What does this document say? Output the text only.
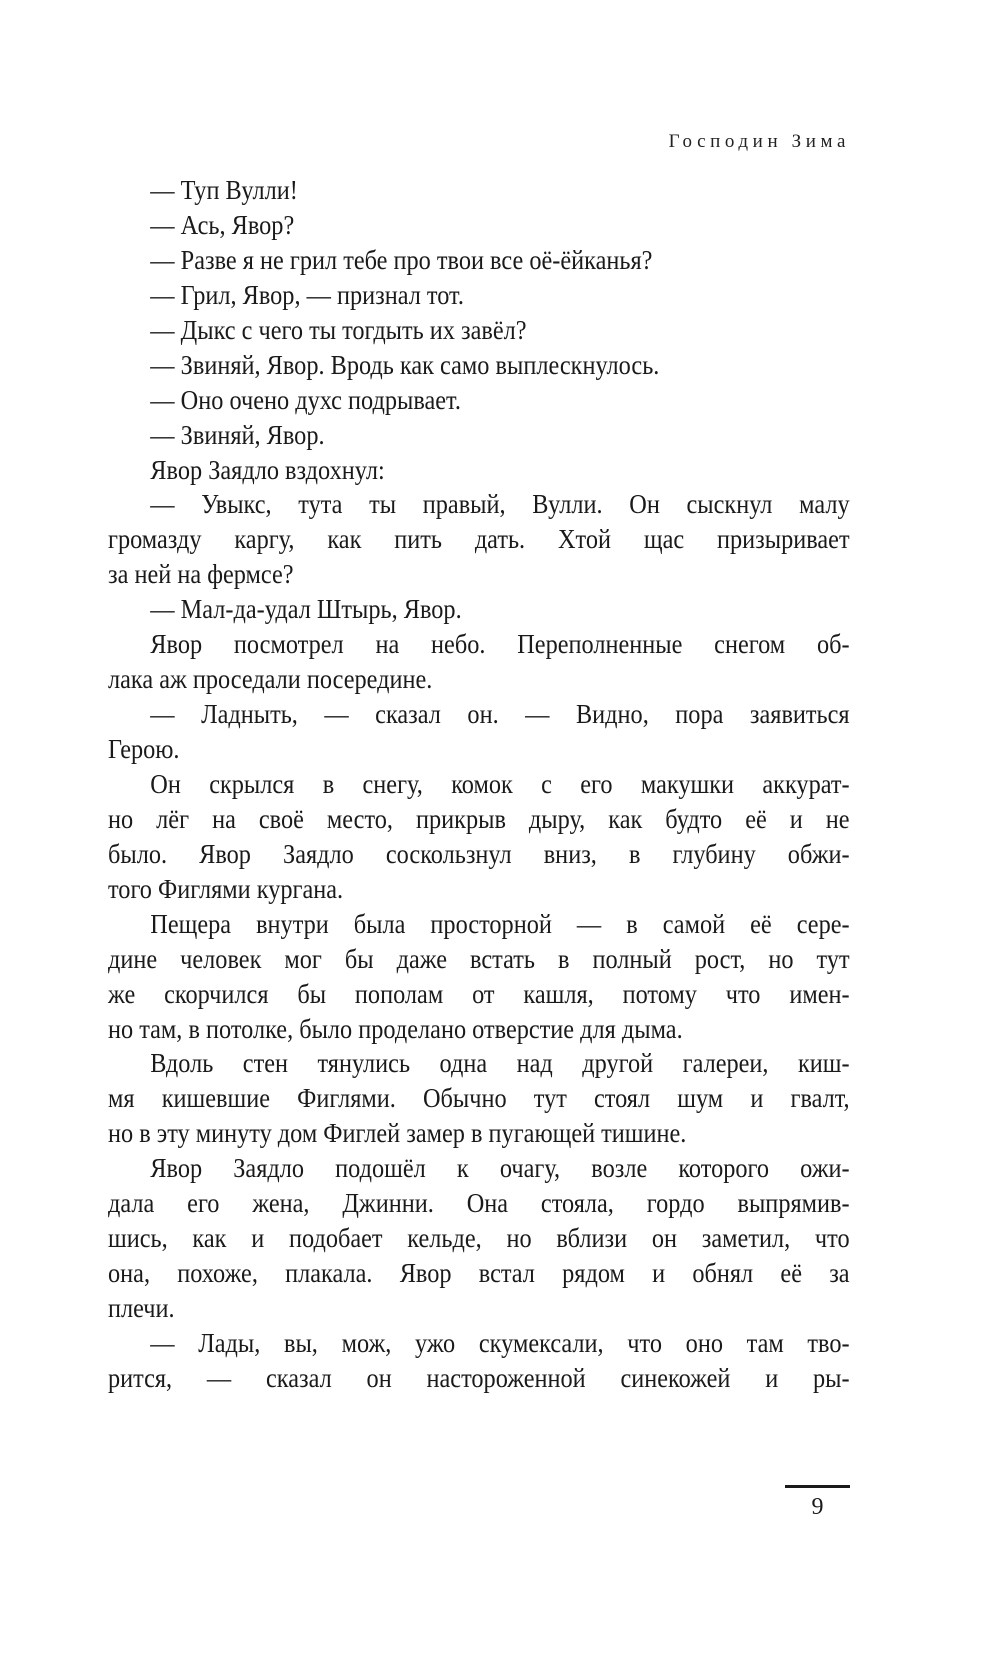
Господин Зима
— Туп Вулли!
— Ась, Явор?
— Разве я не грил тебе про твои все оё-ёйканья?
— Грил, Явор, — признал тот.
— Дыкс с чего ты тогдыть их завёл?
— Звиняй, Явор. Вродь как само выплескнулось.
— Оно очено духс подрывает.
— Звиняй, Явор.
Явор Заядло вздохнул:
— Увыкс, тута ты правый, Вулли. Он сыскнул малу
громазду каргу, как пить дать. Хтой щас призыривает
за ней на фермсе?
— Мал-да-удал Штырь, Явор.
Явор посмотрел на небо. Переполненные снегом об-
лака аж проседали посередине.
— Ладныть, — сказал он. — Видно, пора заявиться
Герою.
Он скрылся в снегу, комок с его макушки аккурат-
но лёг на своё место, прикрыв дыру, как будто её и не
было. Явор Заядло соскользнул вниз, в глубину обжи-
того Фиглями кургана.
Пещера внутри была просторной — в самой её сере-
дине человек мог бы даже встать в полный рост, но тут
же скорчился бы пополам от кашля, потому что имен-
но там, в потолке, было проделано отверстие для дыма.
Вдоль стен тянулись одна над другой галереи, киш-
мя кишевшие Фиглями. Обычно тут стоял шум и гвалт,
но в эту минуту дом Фиглей замер в пугающей тишине.
Явор Заядло подошёл к очагу, возле которого ожи-
дала его жена, Джинни. Она стояла, гордо выпрямив-
шись, как и подобает кельде, но вблизи он заметил, что
она, похоже, плакала. Явор встал рядом и обнял её за
плечи.
— Лады, вы, мож, ужо скумексали, что оно там тво-
рится, — сказал он настороженной синекожей и ры-
9
